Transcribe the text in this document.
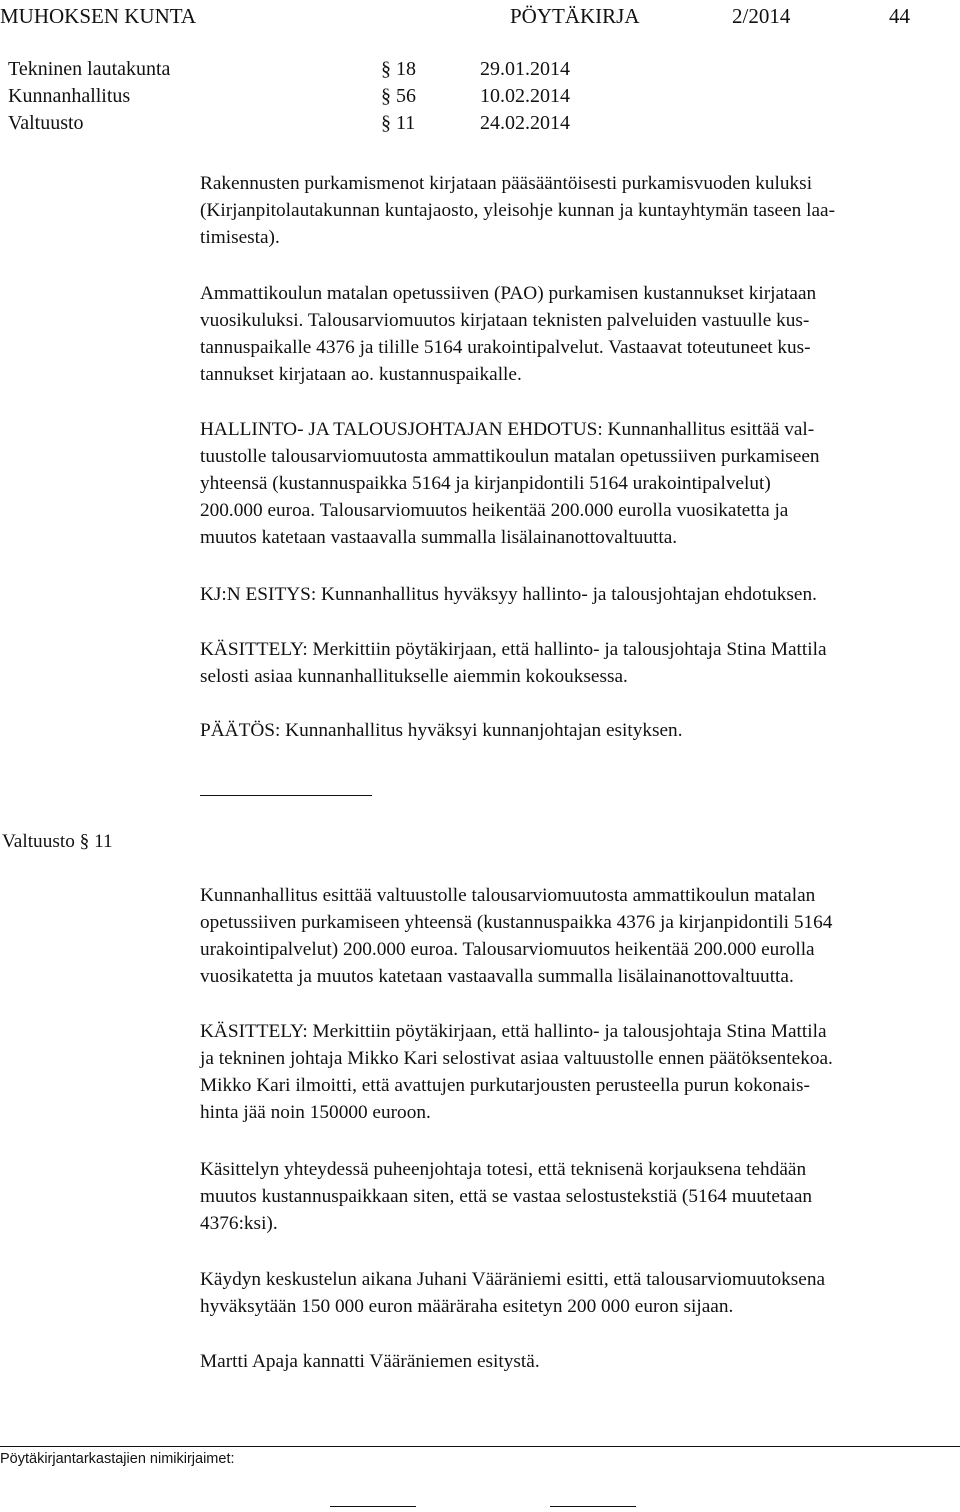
MUHOKSEN KUNTA	PÖYTÄKIRJA	2/2014	44
Tekninen lautakunta	§ 18	29.01.2014
Kunnanhallitus	§ 56	10.02.2014
Valtuusto	§ 11	24.02.2014
Rakennusten purkamismenot kirjataan pääsääntöisesti purkamisvuoden kuluksi
(Kirjanpitolautakunnan kuntajaosto, yleisohje kunnan ja kuntayhtymän taseen laa-
timisesta).
Ammattikoulun matalan opetussiiven (PAO) purkamisen kustannukset kirjataan
vuosikuluksi. Talousarviomuutos kirjataan teknisten palveluiden vastuulle kus-
tannuspaikalle 4376 ja tilille 5164 urakointipalvelut. Vastaavat toteutuneet kus-
tannukset kirjataan ao. kustannuspaikalle.
HALLINTO- JA TALOUSJOHTAJAN EHDOTUS: Kunnanhallitus esittää val-
tuustolle talousarviomuutosta ammattikoulun matalan opetussiiven purkamiseen
yhteensä (kustannuspaikka 5164 ja kirjanpidontili 5164 urakointipalvelut)
200.000 euroa. Talousarviomuutos heikentää 200.000 eurolla vuosikatetta ja
muutos katetaan vastaavalla summalla lisälainanottovaltuutta.
KJ:N ESITYS: Kunnanhallitus hyväksyy hallinto- ja talousjohtajan ehdotuksen.
KÄSITTELY: Merkittiin pöytäkirjaan, että hallinto- ja talousjohtaja Stina Mattila
selosti asiaa kunnanhallitukselle aiemmin kokouksessa.
PÄÄTÖS: Kunnanhallitus hyväksyi kunnanjohtajan esityksen.
Valtuusto § 11
Kunnanhallitus esittää valtuustolle talousarviomuutosta ammattikoulun matalan
opetussiiven purkamiseen yhteensä (kustannuspaikka 4376 ja kirjanpidontili 5164
urakointipalvelut) 200.000 euroa. Talousarviomuutos heikentää 200.000 eurolla
vuosikatetta ja muutos katetaan vastaavalla summalla lisälainanottovaltuutta.
KÄSITTELY: Merkittiin pöytäkirjaan, että hallinto- ja talousjohtaja Stina Mattila
ja tekninen johtaja Mikko Kari selostivat asiaa valtuustolle ennen päätöksentekoa.
Mikko Kari ilmoitti, että avattujen purkutarjousten perusteella purun kokonais-
hinta jää noin 150000 euroon.
Käsittelyn yhteydessä puheenjohtaja totesi, että teknisenä korjauksena tehdään
muutos kustannuspaikkaan siten, että se vastaa selostustekstiä (5164 muutetaan
4376:ksi).
Käydyn keskustelun aikana Juhani Vääräniemi esitti, että talousarviomuutoksena
hyväksytään 150 000 euron määräraha esitetyn 200 000 euron sijaan.
Martti Apaja kannatti Vääräniemen esitystä.
Pöytäkirjantarkastajien nimikirjaimet:
